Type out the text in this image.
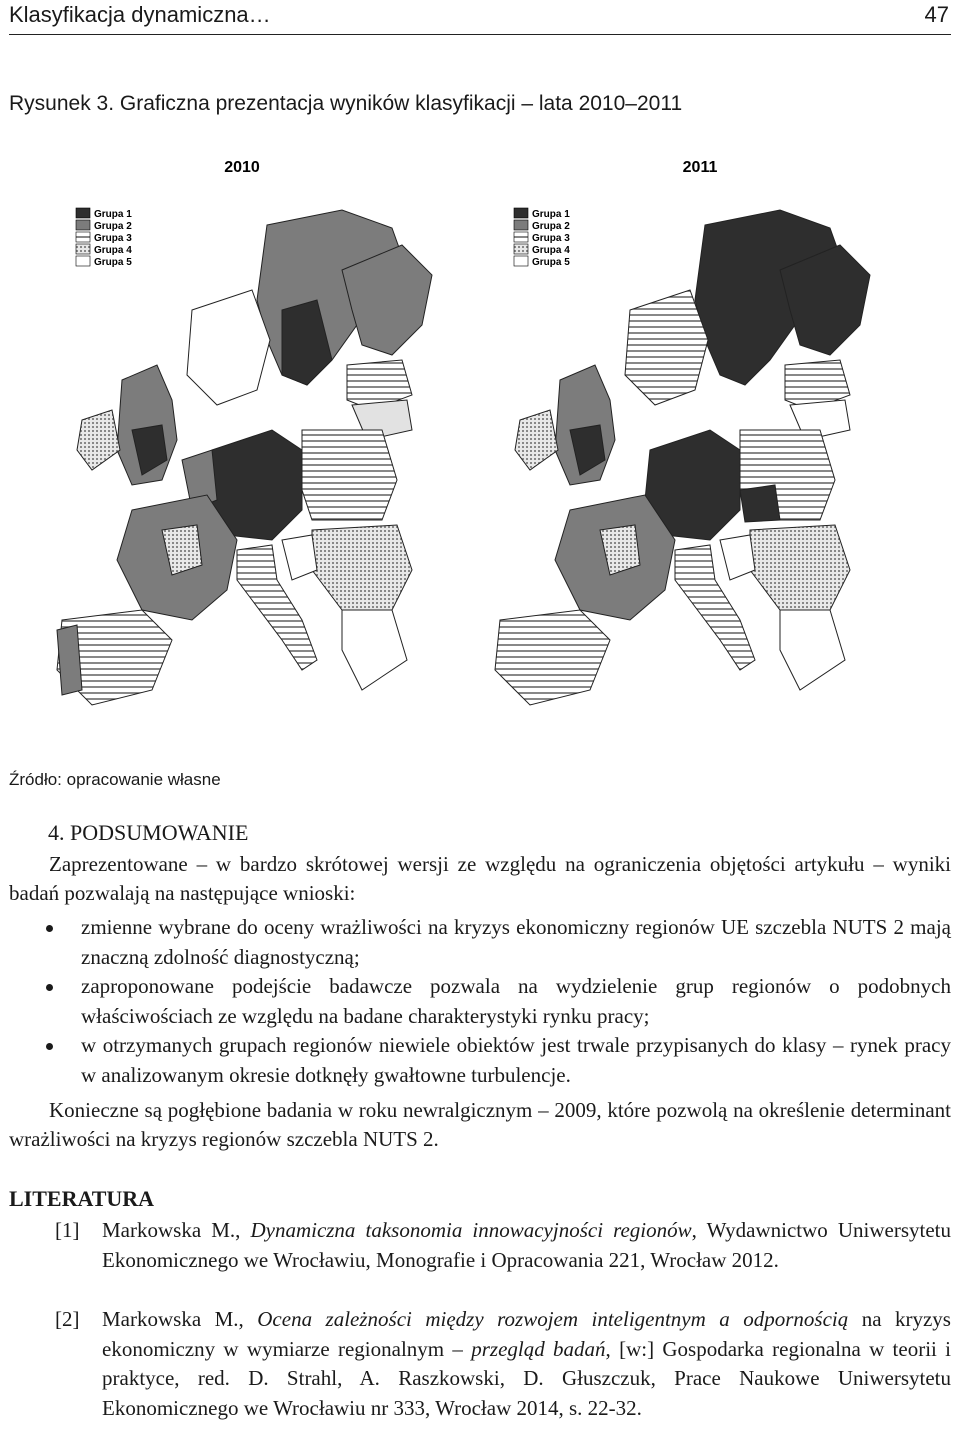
Klasyfikacja dynamiczna…	47
Rysunek 3. Graficzna prezentacja wyników klasyfikacji – lata 2010–2011
2010
Grupa 1
Grupa 2
Grupa 3
Grupa 4
Grupa 5
2011
Grupa 1
Grupa 2
Grupa 3
Grupa 4
Grupa 5
Źródło: opracowanie własne
4. PODSUMOWANIE
Zaprezentowane – w bardzo skrótowej wersji ze względu na ograniczenia objętości artykułu – wyniki badań pozwalają na następujące wnioski:
zmienne wybrane do oceny wrażliwości na kryzys ekonomiczny regionów UE szczebla NUTS 2 mają znaczną zdolność diagnostyczną;
zaproponowane podejście badawcze pozwala na wydzielenie grup regionów o podobnych właściwościach ze względu na badane charakterystyki rynku pracy;
w otrzymanych grupach regionów niewiele obiektów jest trwale przypisanych do klasy – rynek pracy w analizowanym okresie dotknęły gwałtowne turbulencje.
Konieczne są pogłębione badania w roku newralgicznym – 2009, które pozwolą na określenie determinant wrażliwości na kryzys regionów szczebla NUTS 2.
LITERATURA
[1] Markowska M., Dynamiczna taksonomia innowacyjności regionów, Wydawnictwo Uniwersytetu Ekonomicznego we Wrocławiu, Monografie i Opracowania 221, Wrocław 2012.
[2] Markowska M., Ocena zależności między rozwojem inteligentnym a odpornością na kryzys ekonomiczny w wymiarze regionalnym – przegląd badań, [w:] Gospodarka regionalna w teorii i praktyce, red. D. Strahl, A. Raszkowski, D. Głuszczuk, Prace Naukowe Uniwersytetu Ekonomicznego we Wrocławiu nr 333, Wrocław 2014, s. 22-32.
